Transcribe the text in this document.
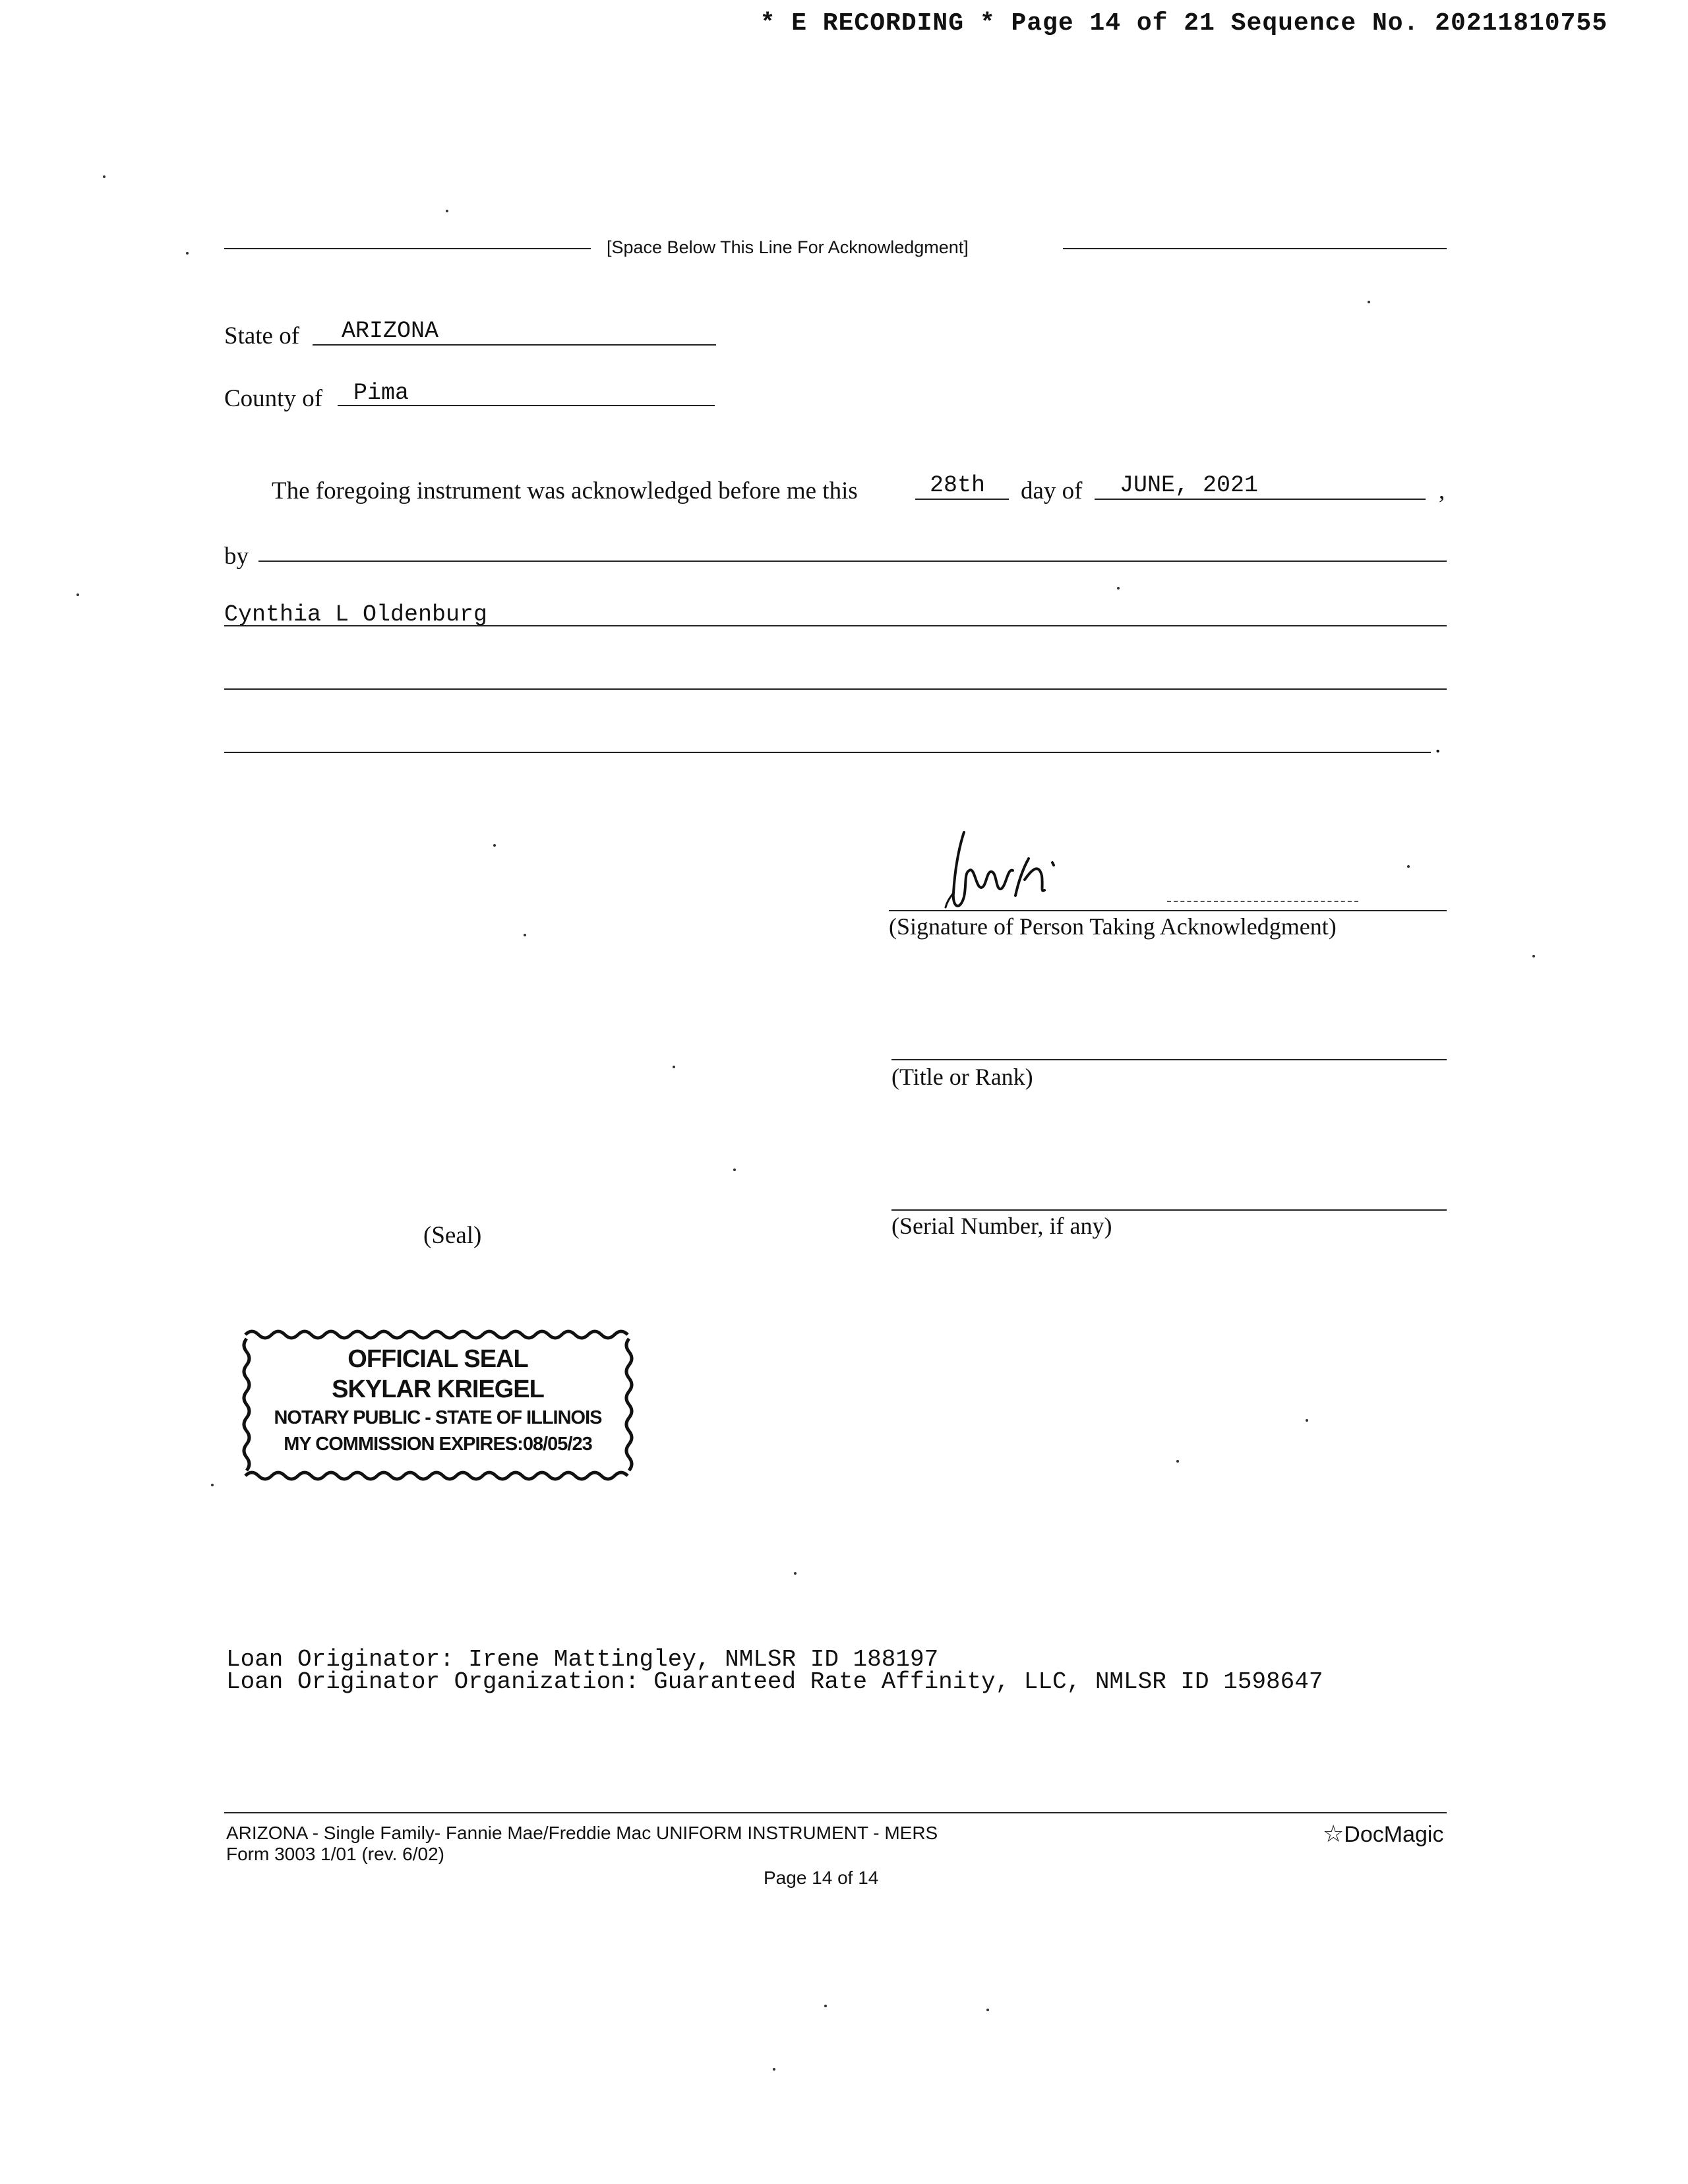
* E RECORDING * Page 14 of 21 Sequence No. 20211810755
[Space Below This Line For Acknowledgment]
State of ARIZONA
County of Pima
The foregoing instrument was acknowledged before me this	28th day of JUNE, 2021	,
by
Cynthia L Oldenburg
.
(Signature of Person Taking Acknowledgment)
(Title or Rank)
(Serial Number, if any)
(Seal)
OFFICIAL SEAL
SKYLAR KRIEGEL
NOTARY PUBLIC - STATE OF ILLINOIS
MY COMMISSION EXPIRES:08/05/23
Loan Originator: Irene Mattingley, NMLSR ID 188197
Loan Originator Organization: Guaranteed Rate Affinity, LLC, NMLSR ID 1598647
ARIZONA - Single Family- Fannie Mae/Freddie Mac UNIFORM INSTRUMENT - MERS
Form 3003 1/01 (rev. 6/02)
Page 14 of 14
☆DocMagic
